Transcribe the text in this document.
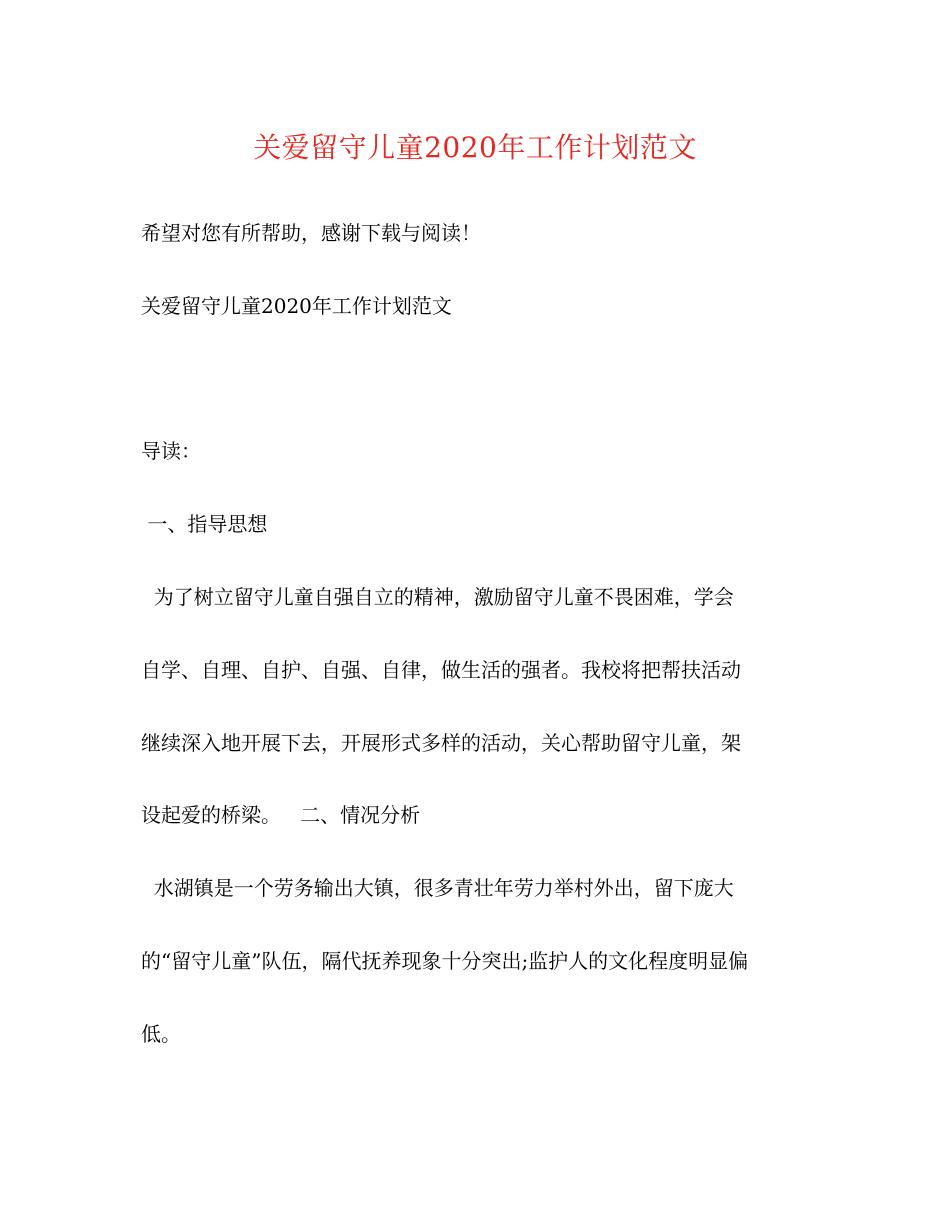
关爱留守儿童2020年工作计划范文
希望对您有所帮助，感谢下载与阅读！
关爱留守儿童2020年工作计划范文
导读：
一、指导思想
为了树立留守儿童自强自立的精神，激励留守儿童不畏困难，学会
自学、自理、自护、自强、自律，做生活的强者。我校将把帮扶活动
继续深入地开展下去，开展形式多样的活动，关心帮助留守儿童，架
设起爱的桥梁。   二、情况分析
水湖镇是一个劳务输出大镇，很多青壮年劳力举村外出，留下庞大
的“留守儿童”队伍，隔代抚养现象十分突出;监护人的文化程度明显偏
低。
